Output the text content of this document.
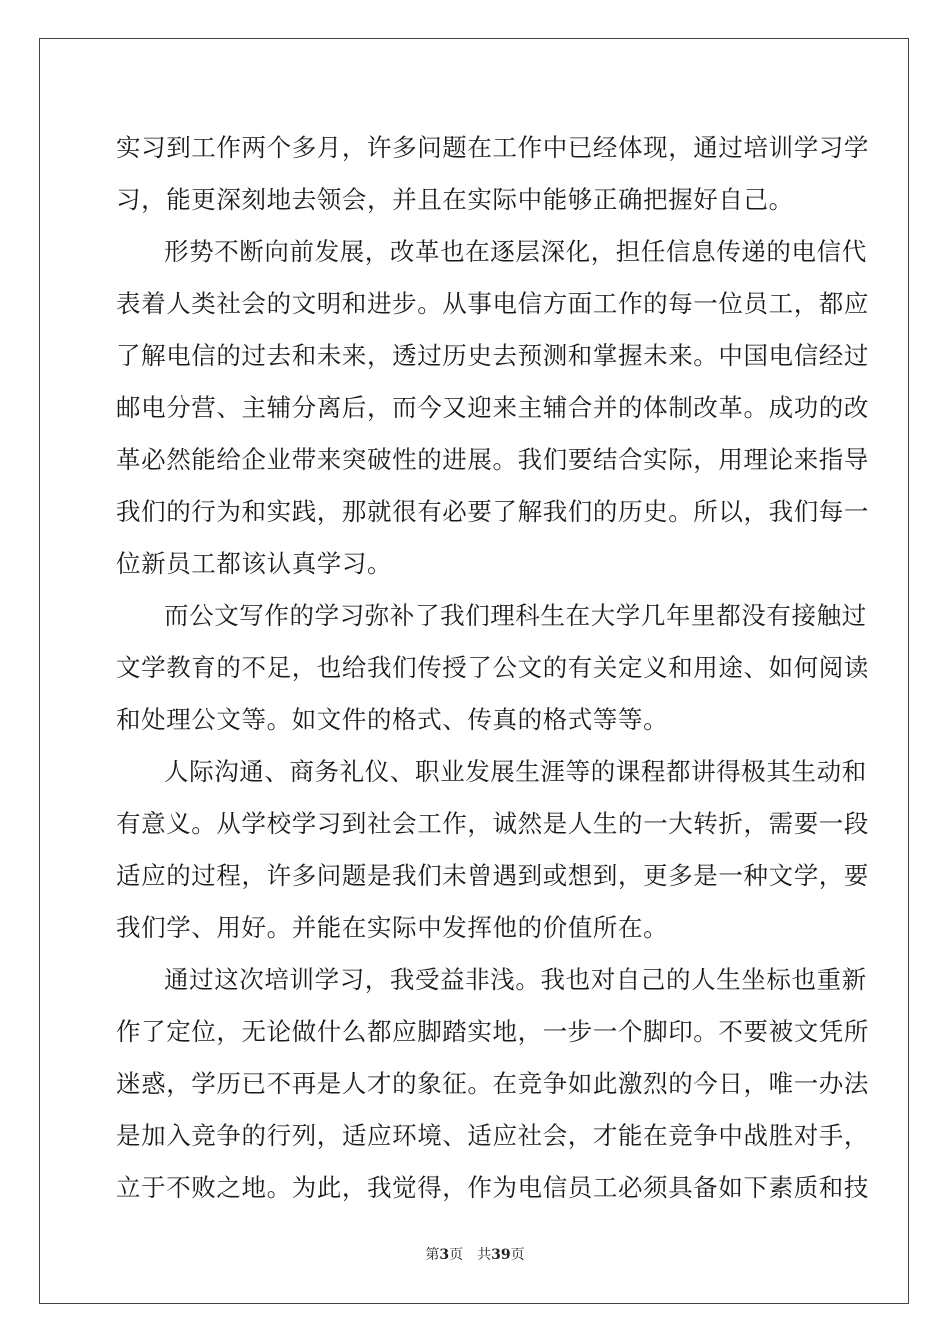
实习到工作两个多月，许多问题在工作中已经体现，通过培训学习学
习，能更深刻地去领会，并且在实际中能够正确把握好自己。
形势不断向前发展，改革也在逐层深化，担任信息传递的电信代
表着人类社会的文明和进步。从事电信方面工作的每一位员工，都应
了解电信的过去和未来，透过历史去预测和掌握未来。中国电信经过
邮电分营、主辅分离后，而今又迎来主辅合并的体制改革。成功的改
革必然能给企业带来突破性的进展。我们要结合实际，用理论来指导
我们的行为和实践，那就很有必要了解我们的历史。所以，我们每一
位新员工都该认真学习。
而公文写作的学习弥补了我们理科生在大学几年里都没有接触过
文学教育的不足，也给我们传授了公文的有关定义和用途、如何阅读
和处理公文等。如文件的格式、传真的格式等等。
人际沟通、商务礼仪、职业发展生涯等的课程都讲得极其生动和
有意义。从学校学习到社会工作，诚然是人生的一大转折，需要一段
适应的过程，许多问题是我们未曾遇到或想到，更多是一种文学，要
我们学、用好。并能在实际中发挥他的价值所在。
通过这次培训学习，我受益非浅。我也对自己的人生坐标也重新
作了定位，无论做什么都应脚踏实地，一步一个脚印。不要被文凭所
迷惑，学历已不再是人才的象征。在竞争如此激烈的今日，唯一办法
是加入竞争的行列，适应环境、适应社会，才能在竞争中战胜对手，
立于不败之地。为此，我觉得，作为电信员工必须具备如下素质和技
第3页 共39页
